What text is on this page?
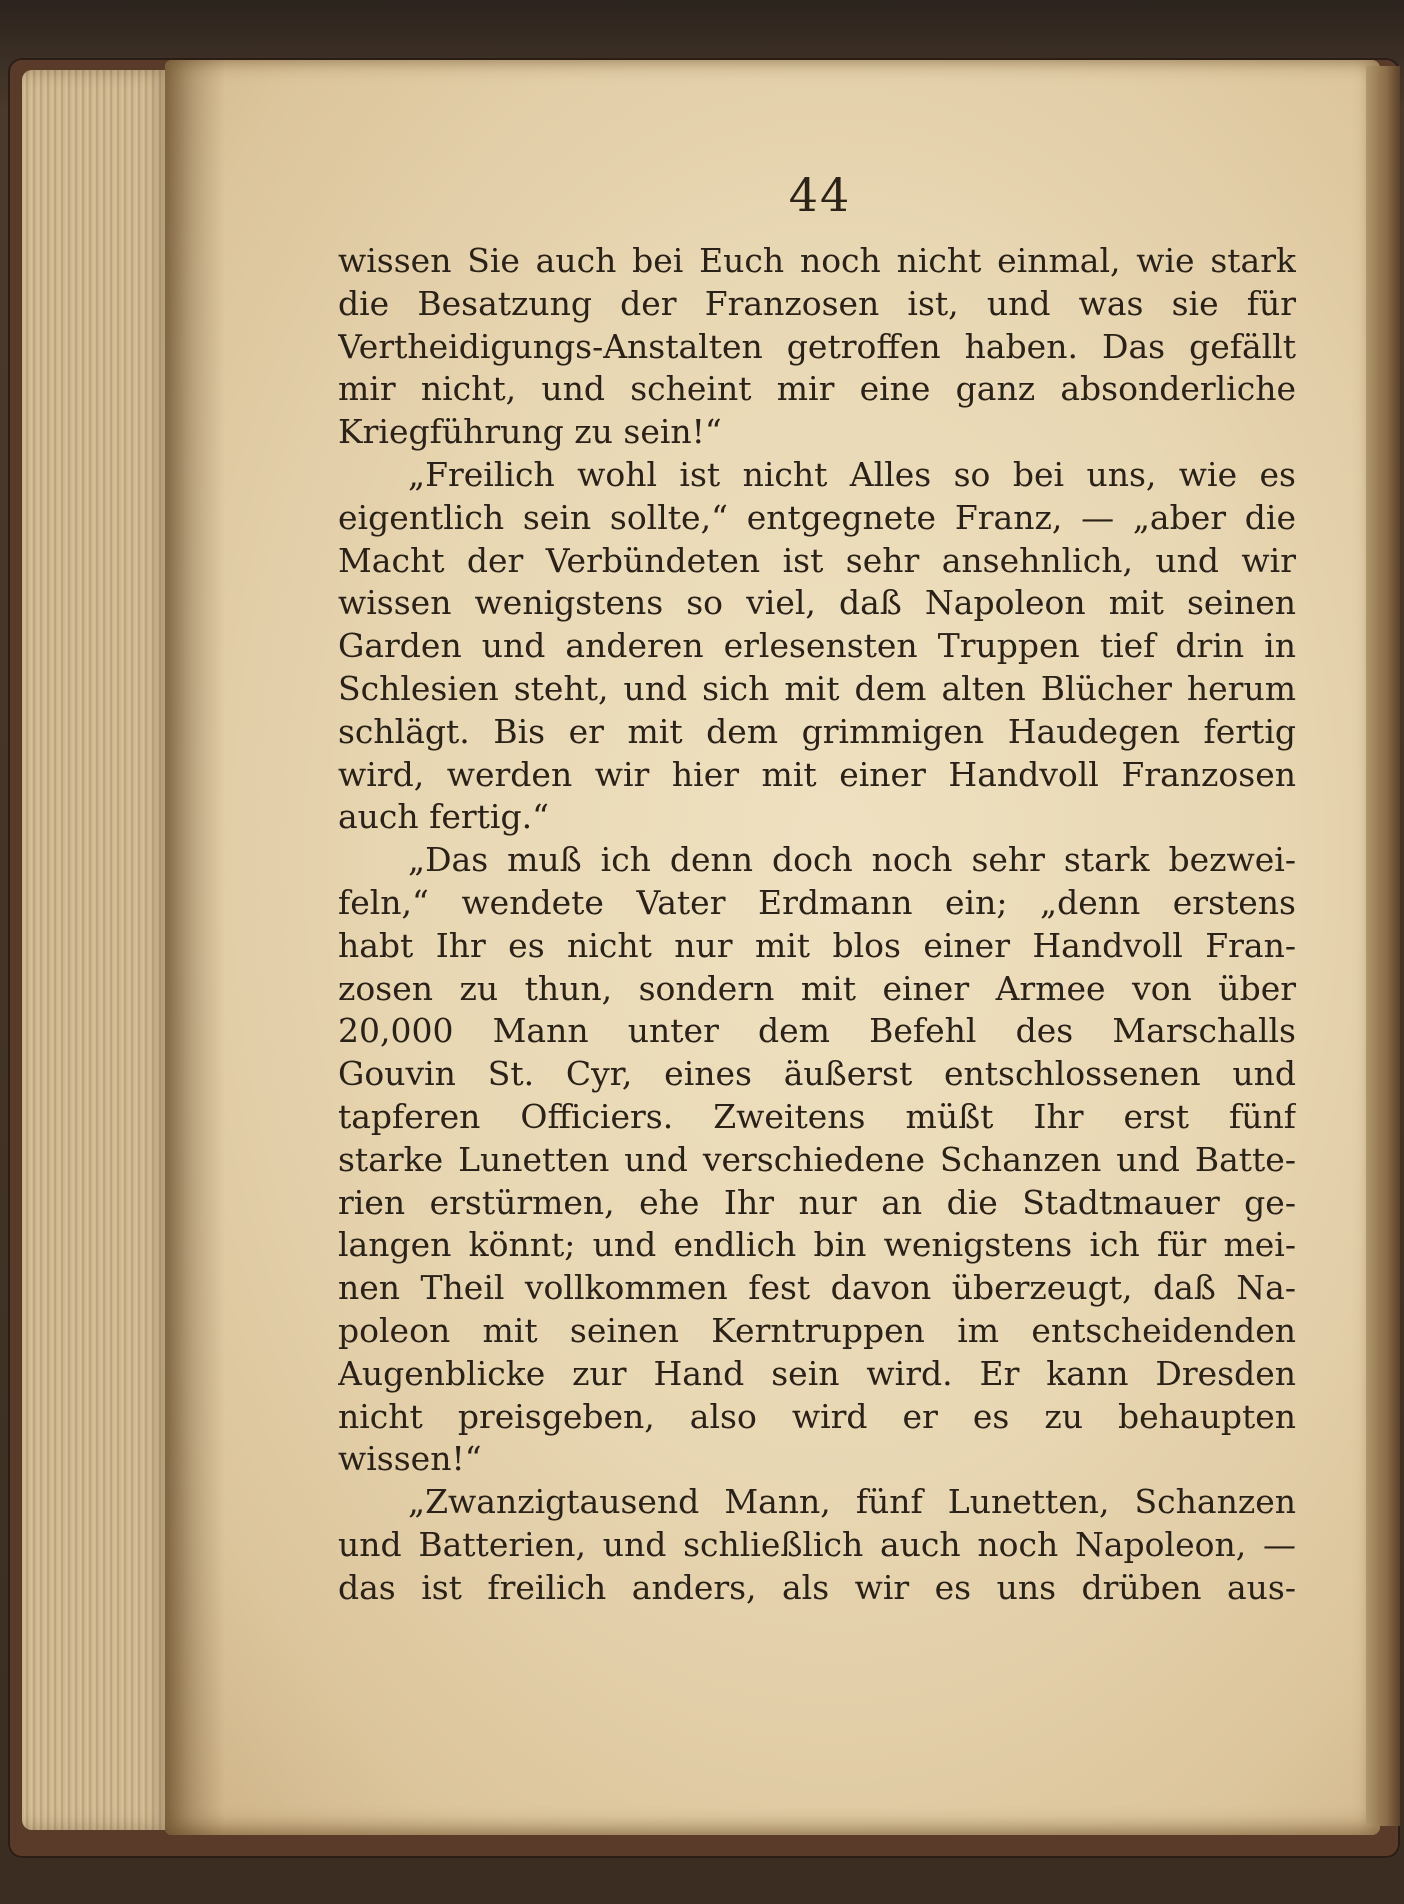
44
wissen Sie auch bei Euch noch nicht einmal, wie stark
die Besatzung der Franzosen ist, und was sie für
Vertheidigungs-Anstalten getroffen haben. Das gefällt
mir nicht, und scheint mir eine ganz absonderliche
Kriegführung zu sein!“
„Freilich wohl ist nicht Alles so bei uns, wie es
eigentlich sein sollte,“ entgegnete Franz, — „aber die
Macht der Verbündeten ist sehr ansehnlich, und wir
wissen wenigstens so viel, daß Napoleon mit seinen
Garden und anderen erlesensten Truppen tief drin in
Schlesien steht, und sich mit dem alten Blücher herum
schlägt. Bis er mit dem grimmigen Haudegen fertig
wird, werden wir hier mit einer Handvoll Franzosen
auch fertig.“
„Das muß ich denn doch noch sehr stark bezwei-
feln,“ wendete Vater Erdmann ein; „denn erstens
habt Ihr es nicht nur mit blos einer Handvoll Fran-
zosen zu thun, sondern mit einer Armee von über
20,000 Mann unter dem Befehl des Marschalls
Gouvin St. Cyr, eines äußerst entschlossenen und
tapferen Officiers. Zweitens müßt Ihr erst fünf
starke Lunetten und verschiedene Schanzen und Batte-
rien erstürmen, ehe Ihr nur an die Stadtmauer ge-
langen könnt; und endlich bin wenigstens ich für mei-
nen Theil vollkommen fest davon überzeugt, daß Na-
poleon mit seinen Kerntruppen im entscheidenden
Augenblicke zur Hand sein wird. Er kann Dresden
nicht preisgeben, also wird er es zu behaupten
wissen!“
„Zwanzigtausend Mann, fünf Lunetten, Schanzen
und Batterien, und schließlich auch noch Napoleon, —
das ist freilich anders, als wir es uns drüben aus-
